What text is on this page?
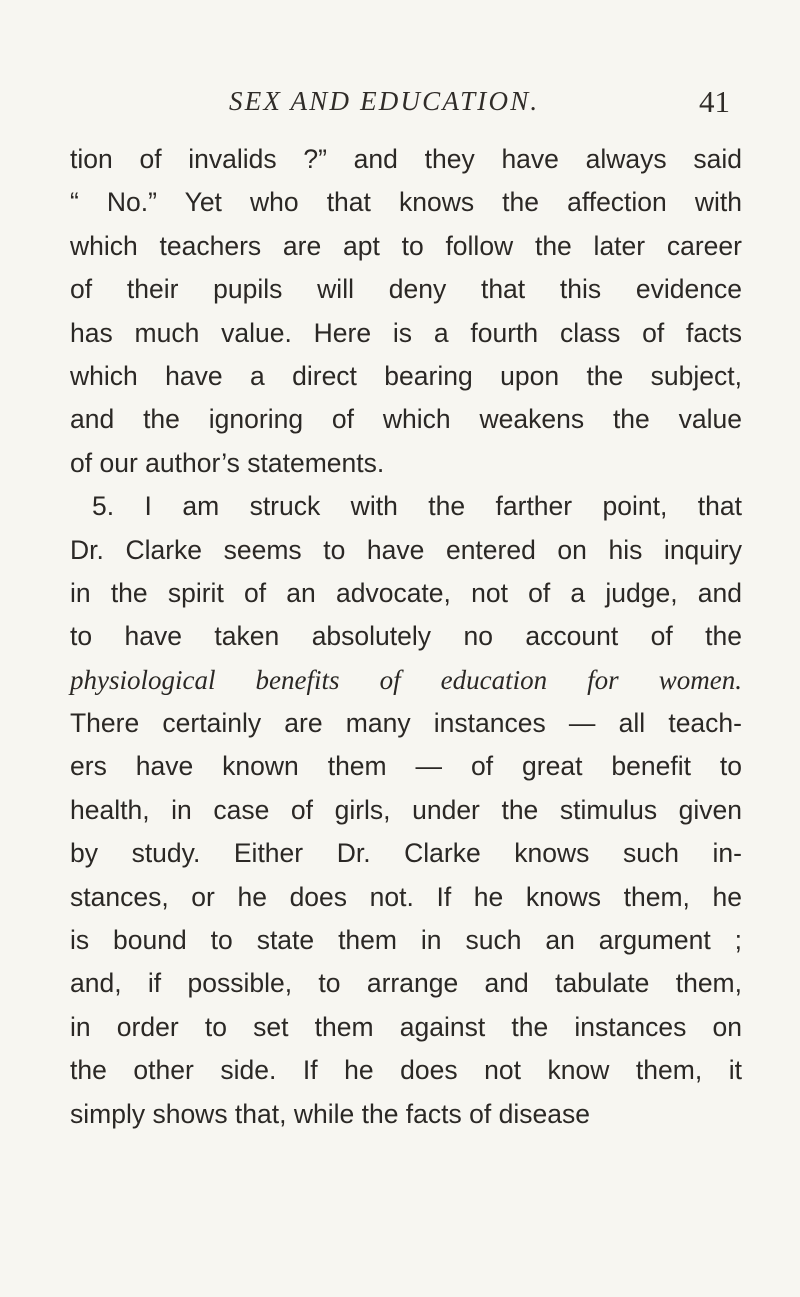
SEX AND EDUCATION.	41
tion of invalids ?” and they have always said
“ No.” Yet who that knows the affection with
which teachers are apt to follow the later career
of their pupils will deny that this evidence
has much value. Here is a fourth class of facts
which have a direct bearing upon the subject,
and the ignoring of which weakens the value
of our author’s statements.
5. I am struck with the farther point, that
Dr. Clarke seems to have entered on his inquiry
in the spirit of an advocate, not of a judge, and
to have taken absolutely no account of the
physiological benefits of education for women.
There certainly are many instances — all teach-
ers have known them — of great benefit to
health, in case of girls, under the stimulus given
by study. Either Dr. Clarke knows such in-
stances, or he does not. If he knows them, he
is bound to state them in such an argument ;
and, if possible, to arrange and tabulate them,
in order to set them against the instances on
the other side. If he does not know them, it
simply shows that, while the facts of disease
